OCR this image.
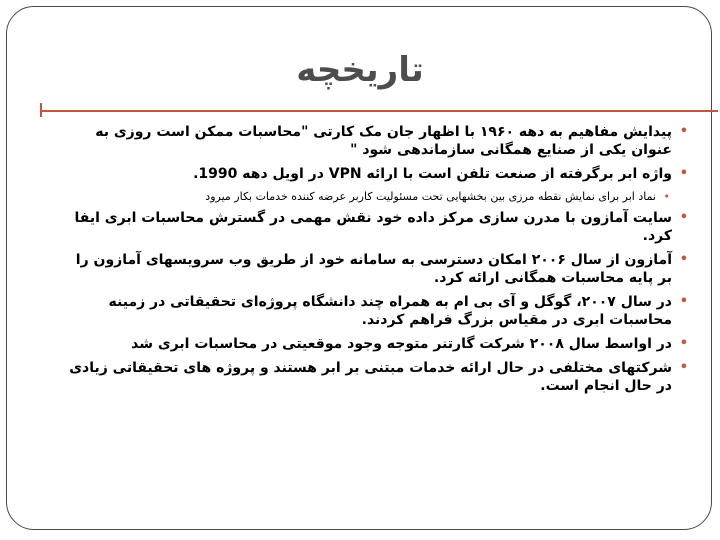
تاریخچه
•
پیدایش مفاهیم به دهه ۱۹۶۰ با اظهار جان مک کارتی "محاسبات ممکن است روزی به عنوان یکی از صنایع همگانی سازماندهی شود "
•
واژه ابر برگرفته از صنعت تلفن است با ارائه VPN در اویل دهه 1990.
•
نماد ابر برای نمایش نقطه مرزی بین بخشهایی تحت مسئولیت کاربر عرضه کننده خدمات بکار میرود
•
سایت آمازون با مدرن سازی مرکز داده خود نقش مهمی در گسترش محاسبات ابری ایفا کرد.
•
آمازون از سال ۲۰۰۶ امکان دسترسی به سامانه خود از طریق وب سرویسهای آمازون را بر پایه محاسبات همگانی ارائه کرد.
•
در سال ۲۰۰۷، گوگل و آی بی ام به همراه چند دانشگاه پروژه‌ای تحقیقاتی در زمینه محاسبات ابری در مقیاس بزرگ فراهم کردند.
•
در اواسط سال ۲۰۰۸ شرکت گارتنر متوجه وجود موقعیتی در محاسبات ابری شد
•
شرکتهای مختلفی در حال ارائه خدمات مبتنی بر ابر هستند و پروژه های تحقیقاتی زیادی در حال انجام است.
